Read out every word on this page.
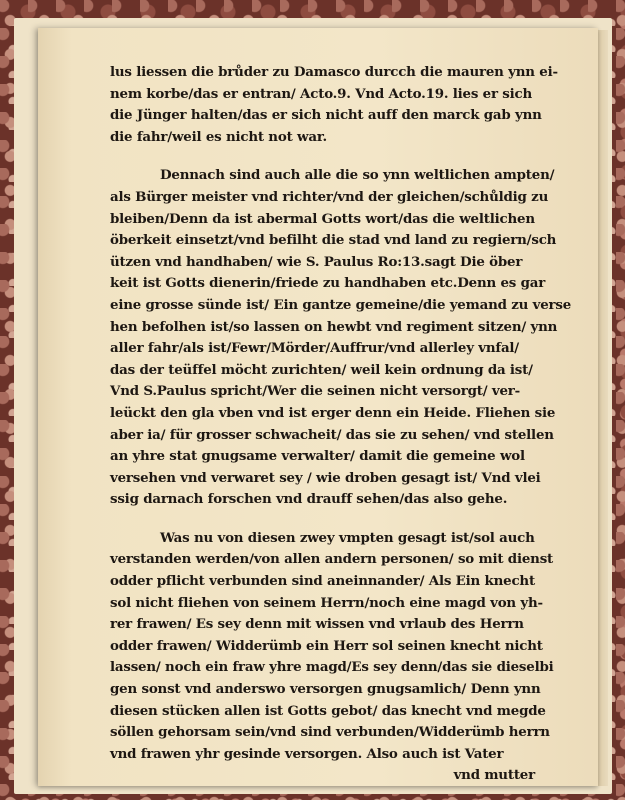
lus liessen die brůder zu Damasco durcch die mauren ynn ei-
nem korbe/das er entran/ Acto.9. Vnd Acto.19. lies er sich
die Jünger halten/das er sich nicht auff den marck gab ynn
die fahr/weil es nicht not war.
Dennach sind auch alle die so ynn weltlichen ampten/
als Bürger meister vnd richter/vnd der gleichen/schůldig zu
bleiben/Denn da ist abermal Gotts wort/das die weltlichen
öberkeit einsetzt/vnd befilht die stad vnd land zu regiern/sch
ützen vnd handhaben/ wie S. Paulus Ro:13.sagt Die öber
keit ist Gotts dienerin/friede zu handhaben etc.Denn es gar
eine grosse sünde ist/ Ein gantze gemeine/die yemand zu verse
hen befolhen ist/so lassen on hewbt vnd regiment sitzen/ ynn
aller fahr/als ist/Fewr/Mörder/Auffrur/vnd allerley vnfal/
das der teüffel möcht zurichten/ weil kein ordnung da ist/
Vnd S.Paulus spricht/Wer die seinen nicht versorgt/ ver-
leückt den gla vben vnd ist erger denn ein Heide. Fliehen sie
aber ia/ für grosser schwacheit/ das sie zu sehen/ vnd stellen
an yhre stat gnugsame verwalter/ damit die gemeine wol
versehen vnd verwaret sey / wie droben gesagt ist/ Vnd vlei
ssig darnach forschen vnd drauff sehen/das also gehe.
Was nu von diesen zwey vmpten gesagt ist/sol auch
verstanden werden/von allen andern personen/ so mit dienst
odder pflicht verbunden sind aneinnander/ Als Ein knecht
sol nicht fliehen von seinem Herrn/noch eine magd von yh-
rer frawen/ Es sey denn mit wissen vnd vrlaub des Herrn
odder frawen/ Widderümb ein Herr sol seinen knecht nicht
lassen/ noch ein fraw yhre magd/Es sey denn/das sie dieselbi
gen sonst vnd anderswo versorgen gnugsamlich/ Denn ynn
diesen stücken allen ist Gotts gebot/ das knecht vnd megde
söllen gehorsam sein/vnd sind verbunden/Widderümb herrn
vnd frawen yhr gesinde versorgen. Also auch ist Vater
vnd mutter
